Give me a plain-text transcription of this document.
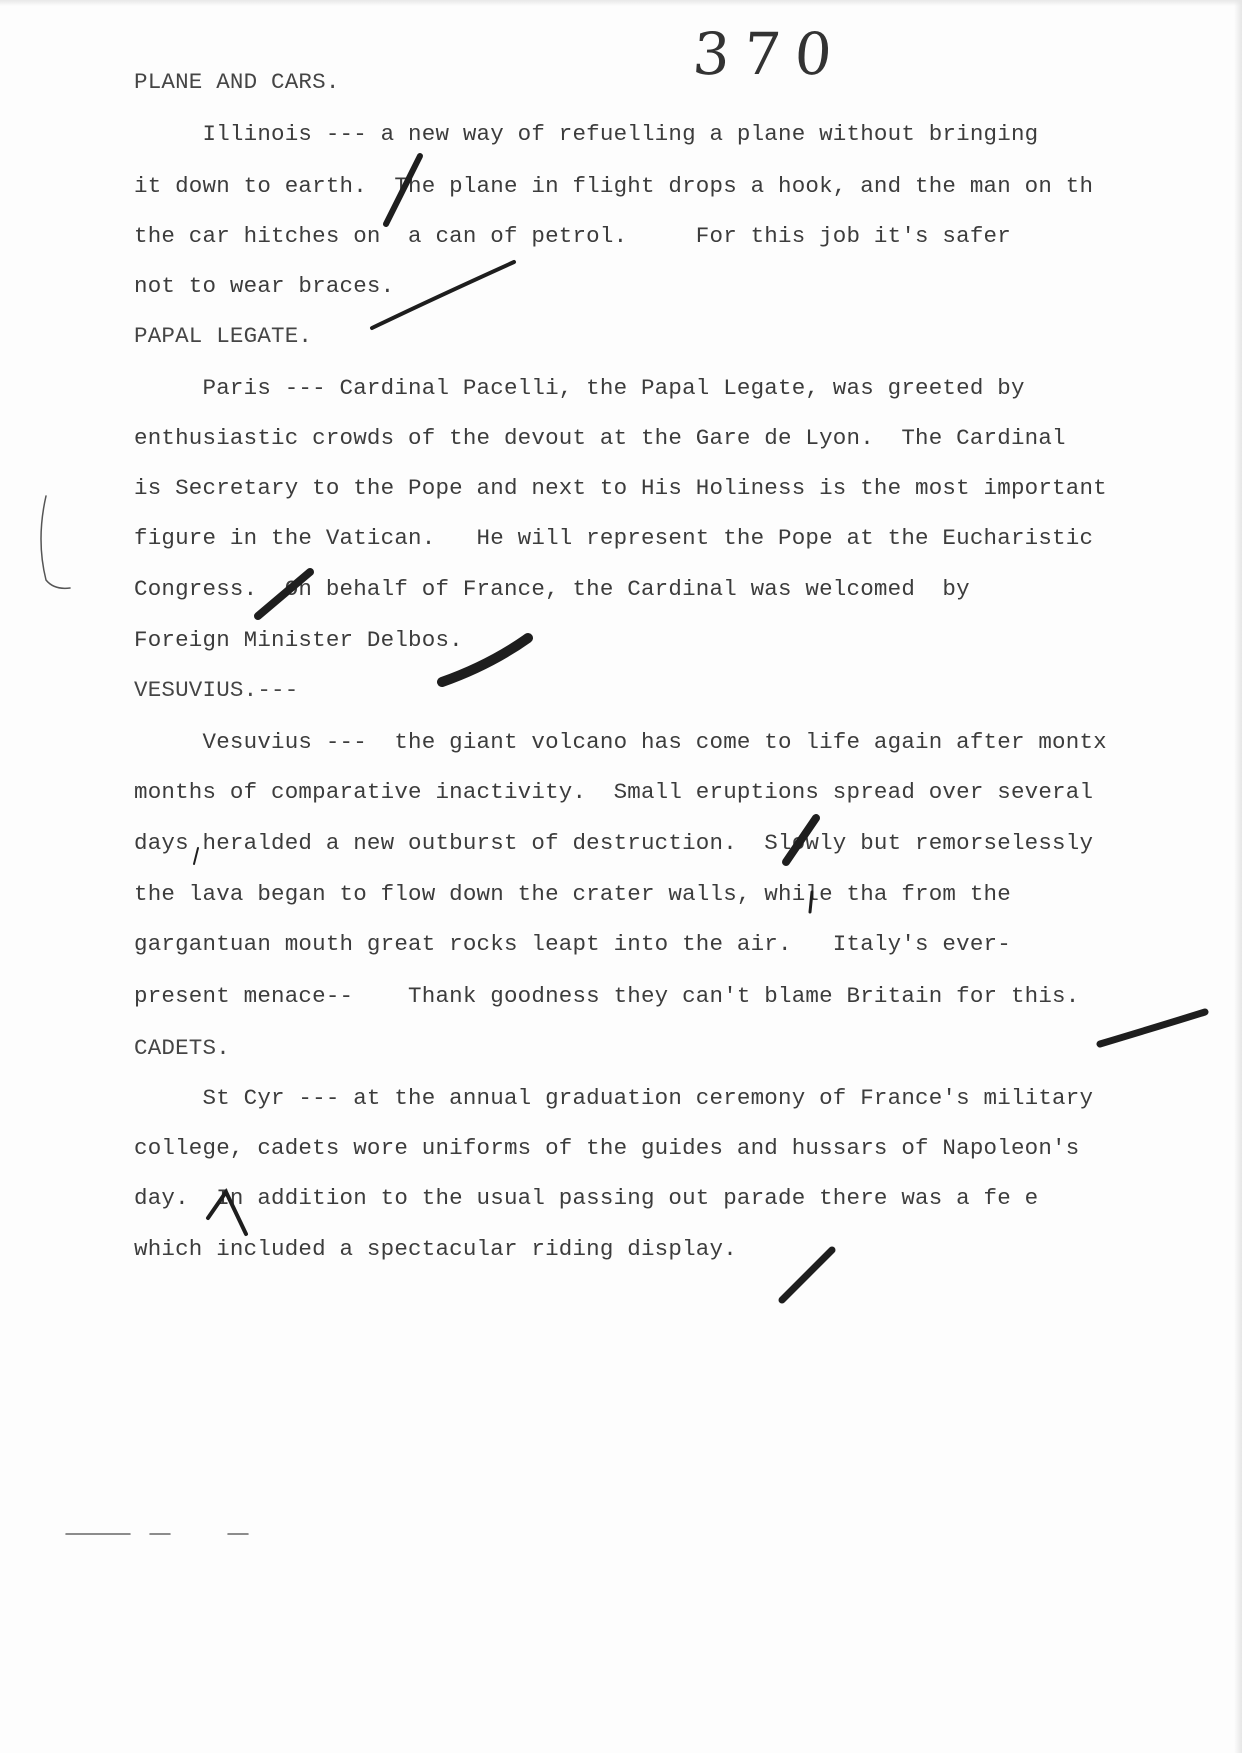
370
PLANE AND CARS.
Illinois --- a new way of refuelling a plane without bringing
it down to earth.  The plane in flight drops a hook, and the man on th
the car hitches on  a can of petrol.     For this job it's safer
not to wear braces.
PAPAL LEGATE.
Paris --- Cardinal Pacelli, the Papal Legate, was greeted by
enthusiastic crowds of the devout at the Gare de Lyon.  The Cardinal
is Secretary to the Pope and next to His Holiness is the most important
figure in the Vatican.   He will represent the Pope at the Eucharistic
Congress.  On behalf of France, the Cardinal was welcomed  by
Foreign Minister Delbos.
VESUVIUS.---
Vesuvius ---  the giant volcano has come to life again after montx
months of comparative inactivity.  Small eruptions spread over several
days heralded a new outburst of destruction.  Slowly but remorselessly
the lava began to flow down the crater walls, while tha from the
gargantuan mouth great rocks leapt into the air.   Italy's ever-
present menace--    Thank goodness they can't blame Britain for this.
CADETS.
St Cyr --- at the annual graduation ceremony of France's military
college, cadets wore uniforms of the guides and hussars of Napoleon's
day.  In addition to the usual passing out parade there was a fe e
which included a spectacular riding display.
